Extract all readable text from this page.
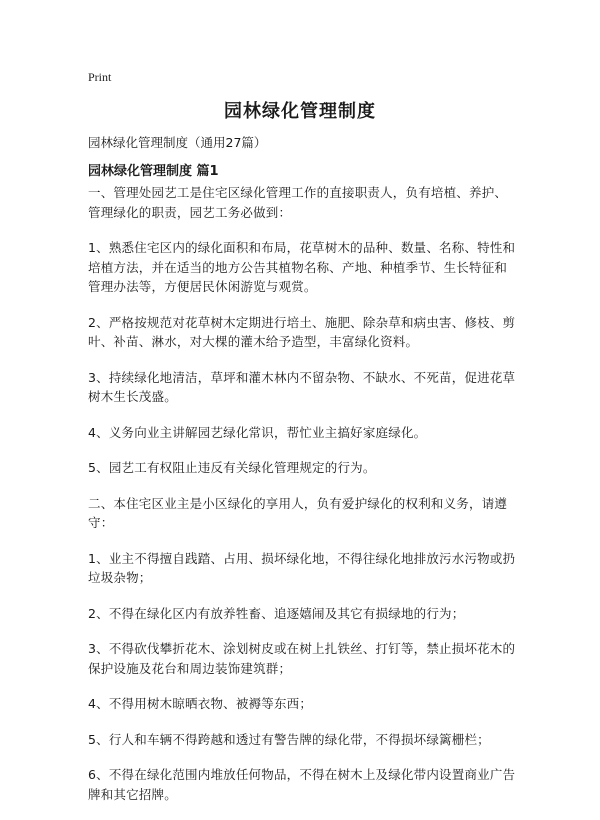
Print
园林绿化管理制度
园林绿化管理制度（通用27篇）
园林绿化管理制度 篇1

一、管理处园艺工是住宅区绿化管理工作的直接职责人，负有培植、养护、管理绿化的职责，园艺工务必做到：

1、熟悉住宅区内的绿化面积和布局，花草树木的品种、数量、名称、特性和培植方法，并在适当的地方公告其植物名称、产地、种植季节、生长特征和管理办法等，方便居民休闲游览与观赏。

2、严格按规范对花草树木定期进行培土、施肥、除杂草和病虫害、修枝、剪叶、补苗、淋水，对大棵的灌木给予造型，丰富绿化资料。

3、持续绿化地清洁，草坪和灌木林内不留杂物、不缺水、不死苗，促进花草树木生长茂盛。

4、义务向业主讲解园艺绿化常识，帮忙业主搞好家庭绿化。

5、园艺工有权阻止违反有关绿化管理规定的行为。

二、本住宅区业主是小区绿化的享用人，负有爱护绿化的权利和义务，请遵守：

1、业主不得擅自践踏、占用、损坏绿化地，不得往绿化地排放污水污物或扔垃圾杂物；

2、不得在绿化区内有放养牲畜、追逐嬉闹及其它有损绿地的行为；

3、不得砍伐攀折花木、涂划树皮或在树上扎铁丝、打钉等，禁止损坏花木的保护设施及花台和周边装饰建筑群；

4、不得用树木晾晒衣物、被褥等东西；

5、行人和车辆不得跨越和透过有警告牌的绿化带，不得损坏绿篱栅栏；

6、不得在绿化范围内堆放任何物品，不得在树木上及绿化带内设置商业广告牌和其它招牌。
